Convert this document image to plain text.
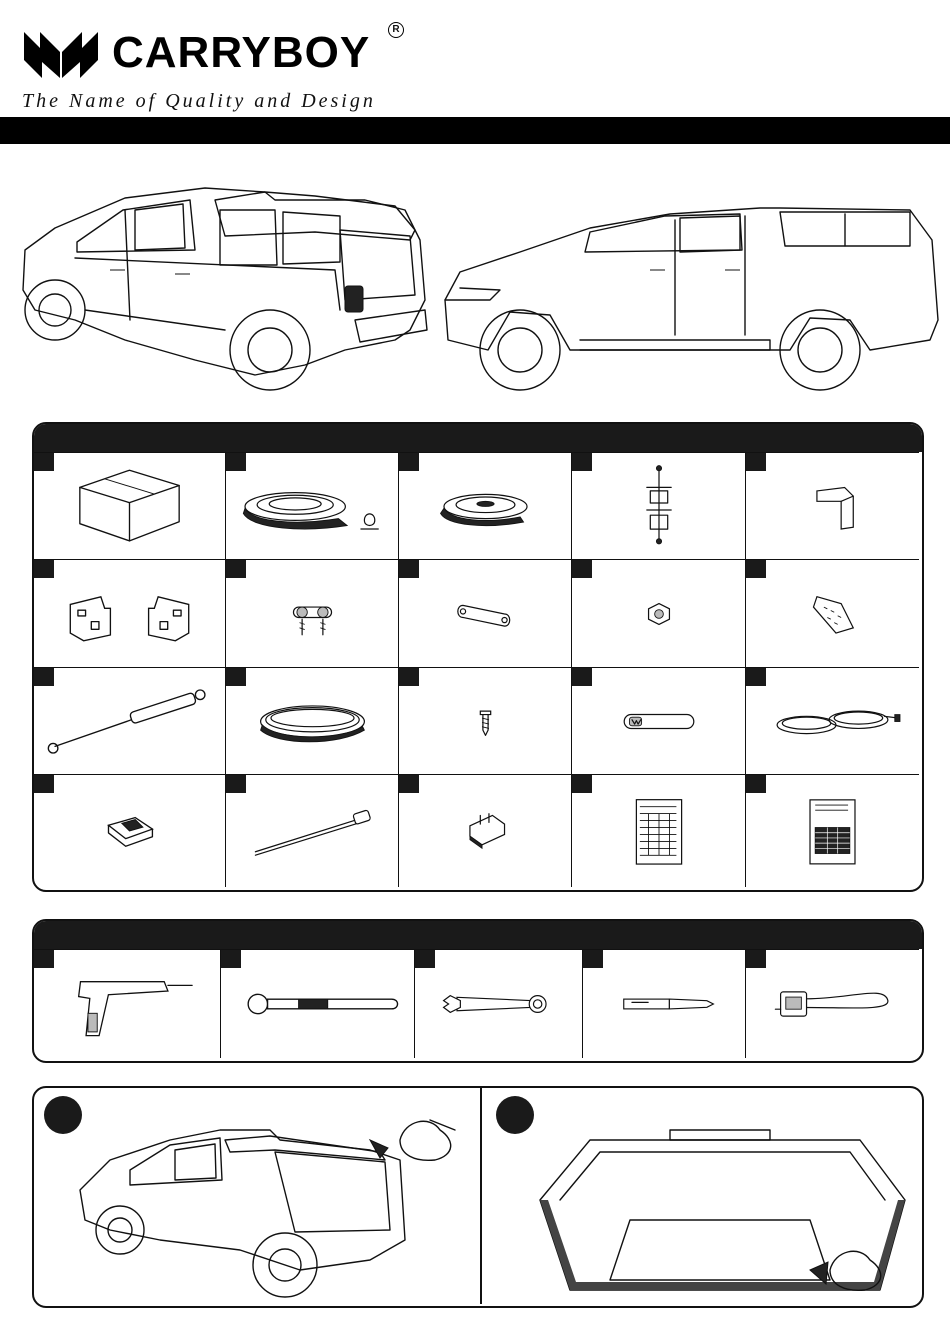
CARRYBOY	R
The Name of Quality and Design
